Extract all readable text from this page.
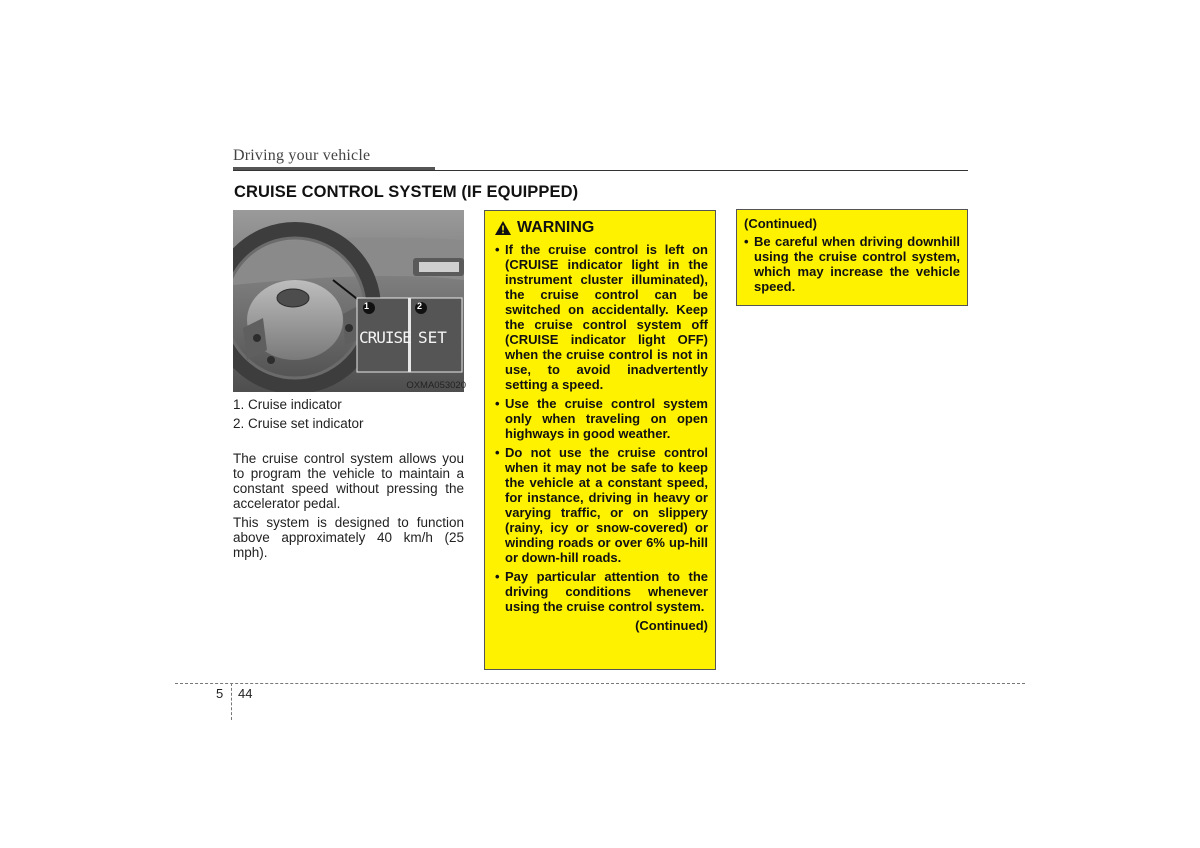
Driving your vehicle
CRUISE CONTROL SYSTEM (IF EQUIPPED)
1	2
CRUISE SET
OXMA053020
1. Cruise indicator
2. Cruise set indicator
The cruise control system allows you to program the vehicle to maintain a constant speed without pressing the accelerator pedal.
This system is designed to function above approximately 40 km/h (25 mph).
WARNING
• If the cruise control is left on (CRUISE indicator light in the instrument cluster illuminated), the cruise control can be switched on accidentally. Keep the cruise control system off (CRUISE indicator light OFF) when the cruise control is not in use, to avoid inadvertently setting a speed.
• Use the cruise control system only when traveling on open highways in good weather.
• Do not use the cruise control when it may not be safe to keep the vehicle at a constant speed, for instance, driving in heavy or varying traffic, or on slippery (rainy, icy or snow-covered) or winding roads or over 6% up-hill or down-hill roads.
• Pay particular attention to the driving conditions whenever using the cruise control system.
(Continued)
(Continued)
• Be careful when driving downhill using the cruise control system, which may increase the vehicle speed.
5 44
